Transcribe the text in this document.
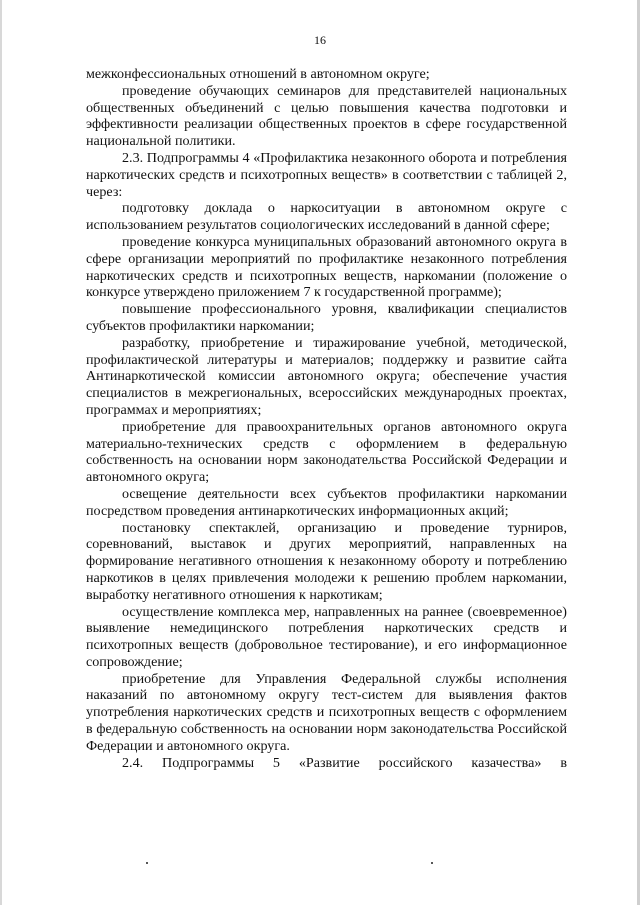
16

межконфессиональных отношений в автономном округе;

проведение обучающих семинаров для представителей национальных общественных объединений с целью повышения качества подготовки и эффективности реализации общественных проектов в сфере государственной национальной политики.

2.3. Подпрограммы 4 «Профилактика незаконного оборота и потребления наркотических средств и психотропных веществ» в соответствии с таблицей 2, через:

подготовку доклада о наркоситуации в автономном округе с использованием результатов социологических исследований в данной сфере;

проведение конкурса муниципальных образований автономного округа в сфере организации мероприятий по профилактике незаконного потребления наркотических средств и психотропных веществ, наркомании (положение о конкурсе утверждено приложением 7 к государственной программе);

повышение профессионального уровня, квалификации специалистов субъектов профилактики наркомании;

разработку, приобретение и тиражирование учебной, методической, профилактической литературы и материалов; поддержку и развитие сайта Антинаркотической комиссии автономного округа; обеспечение участия специалистов в межрегиональных, всероссийских международных проектах, программах и мероприятиях;

приобретение для правоохранительных органов автономного округа материально-технических средств с оформлением в федеральную собственность на основании норм законодательства Российской Федерации и автономного округа;

освещение деятельности всех субъектов профилактики наркомании посредством проведения антинаркотических информационных акций;

постановку спектаклей, организацию и проведение турниров, соревнований, выставок и других мероприятий, направленных на формирование негативного отношения к незаконному обороту и потреблению наркотиков в целях привлечения молодежи к решению проблем наркомании, выработку негативного отношения к наркотикам;

осуществление комплекса мер, направленных на раннее (своевременное) выявление немедицинского потребления наркотических средств и психотропных веществ (добровольное тестирование), и его информационное сопровождение;

приобретение для Управления Федеральной службы исполнения наказаний по автономному округу тест-систем для выявления фактов употребления наркотических средств и психотропных веществ с оформлением в федеральную собственность на основании норм законодательства Российской Федерации и автономного округа.

2.4. Подпрограммы 5 «Развитие российского казачества» в
